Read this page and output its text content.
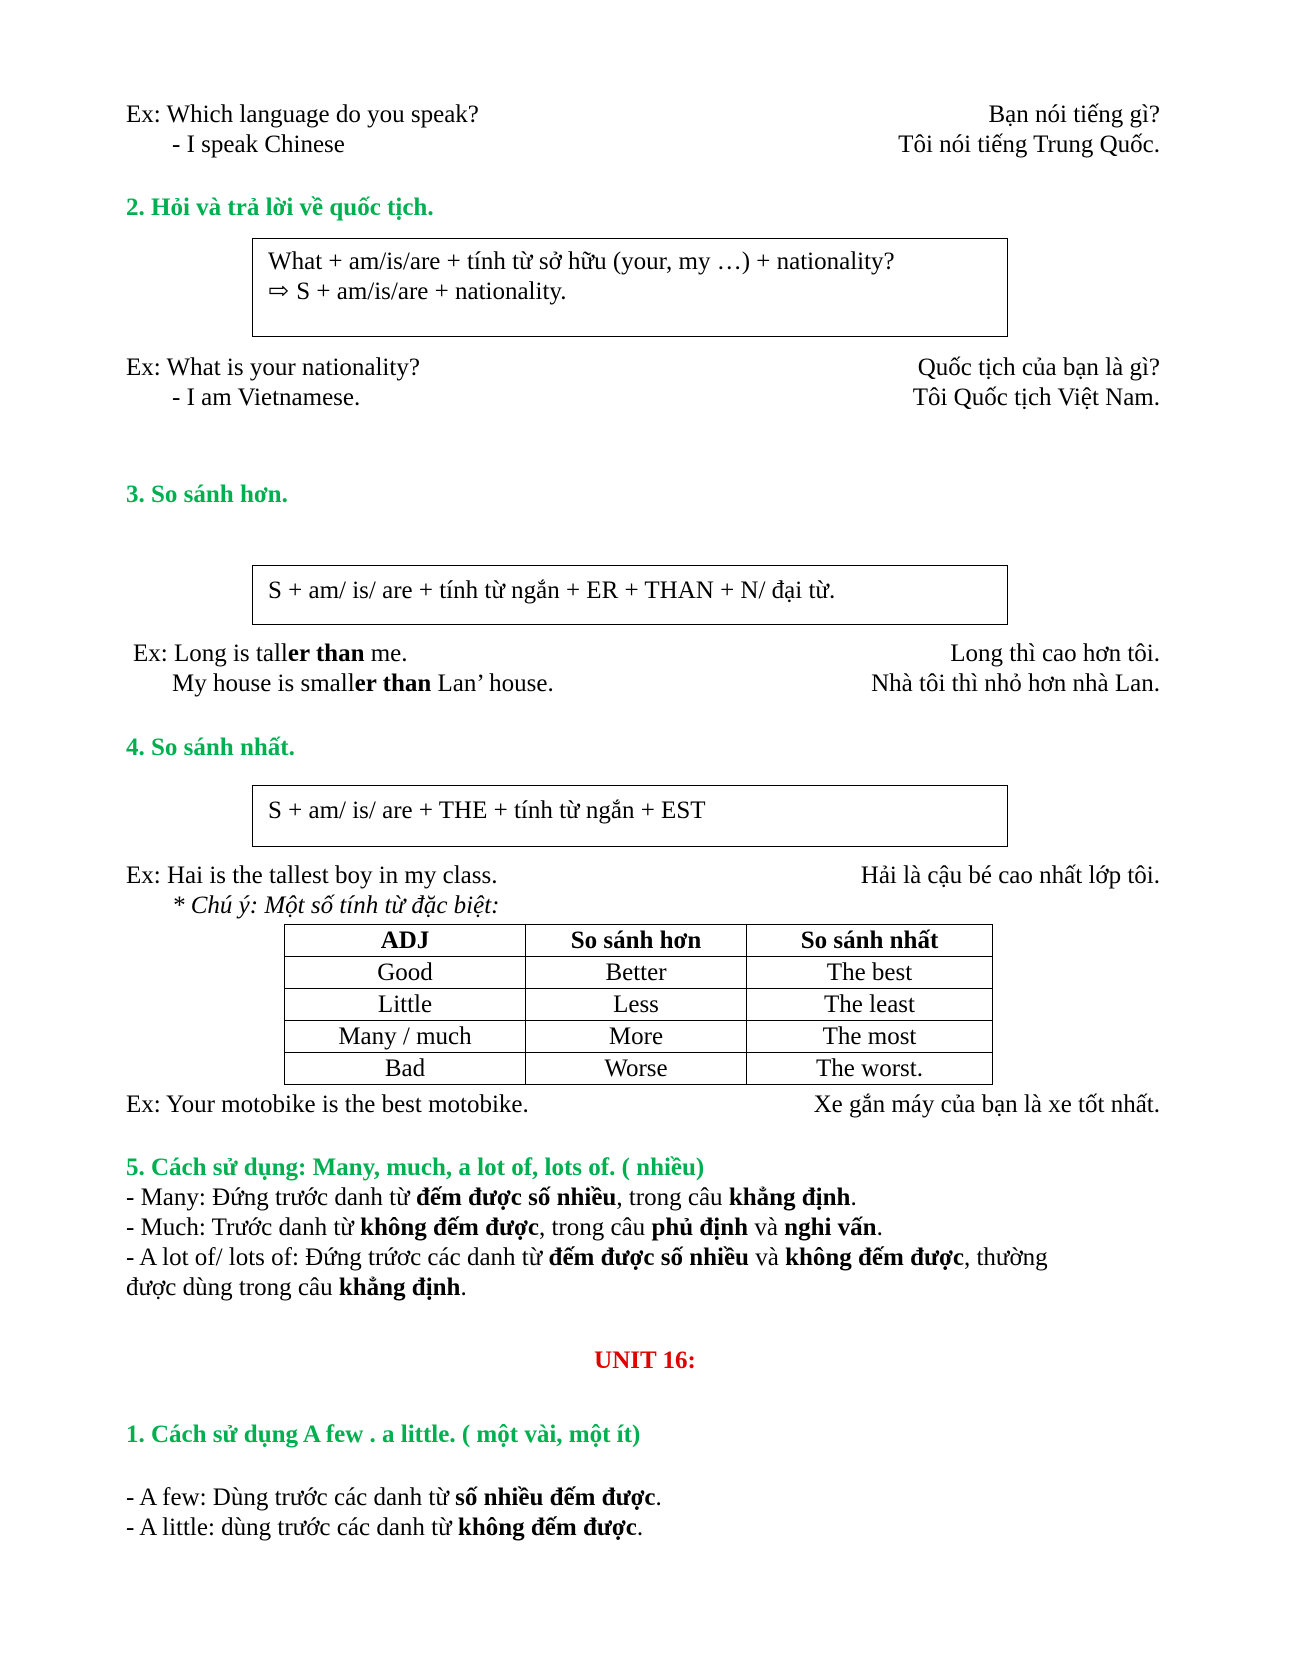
Ex: Which language do you speak?	Bạn nói tiếng gì?
- I speak Chinese	Tôi nói tiếng Trung Quốc.
2. Hỏi và trả lời về quốc tịch.
What + am/is/are + tính từ sở hữu (your, my …) + nationality?
⇨ S + am/is/are + nationality.
Ex: What is your nationality?	Quốc tịch của bạn là gì?
- I am Vietnamese.	Tôi Quốc tịch Việt Nam.
3. So sánh hơn.
S + am/ is/ are + tính từ ngắn + ER + THAN + N/ đại từ.
Ex: Long is taller than me.	Long thì cao hơn tôi.
My house is smaller than Lan’ house.	Nhà tôi thì nhỏ hơn nhà Lan.
4. So sánh nhất.
S + am/ is/ are + THE + tính từ ngắn + EST
Ex: Hai is the tallest boy in my class.	Hải là cậu bé cao nhất lớp tôi.
* Chú ý: Một số tính từ đặc biệt:
ADJ	So sánh hơn	So sánh nhất
Good	Better	The best
Little	Less	The least
Many / much	More	The most
Bad	Worse	The worst.
Ex: Your motobike is the best motobike.	Xe gắn máy của bạn là xe tốt nhất.
5. Cách sử dụng: Many, much, a lot of, lots of. ( nhiều)
- Many: Đứng trước danh từ đếm được số nhiều, trong câu khẳng định.
- Much: Trước danh từ không đếm được, trong câu phủ định và nghi vấn.
- A lot of/ lots of: Đứng trứơc các danh từ đếm được số nhiều và không đếm được, thường
được dùng trong câu khẳng định.
UNIT 16:
1. Cách sử dụng A few . a little. ( một vài, một ít)
- A few: Dùng trước các danh từ số nhiều đếm được.
- A little: dùng trước các danh từ không đếm được.
